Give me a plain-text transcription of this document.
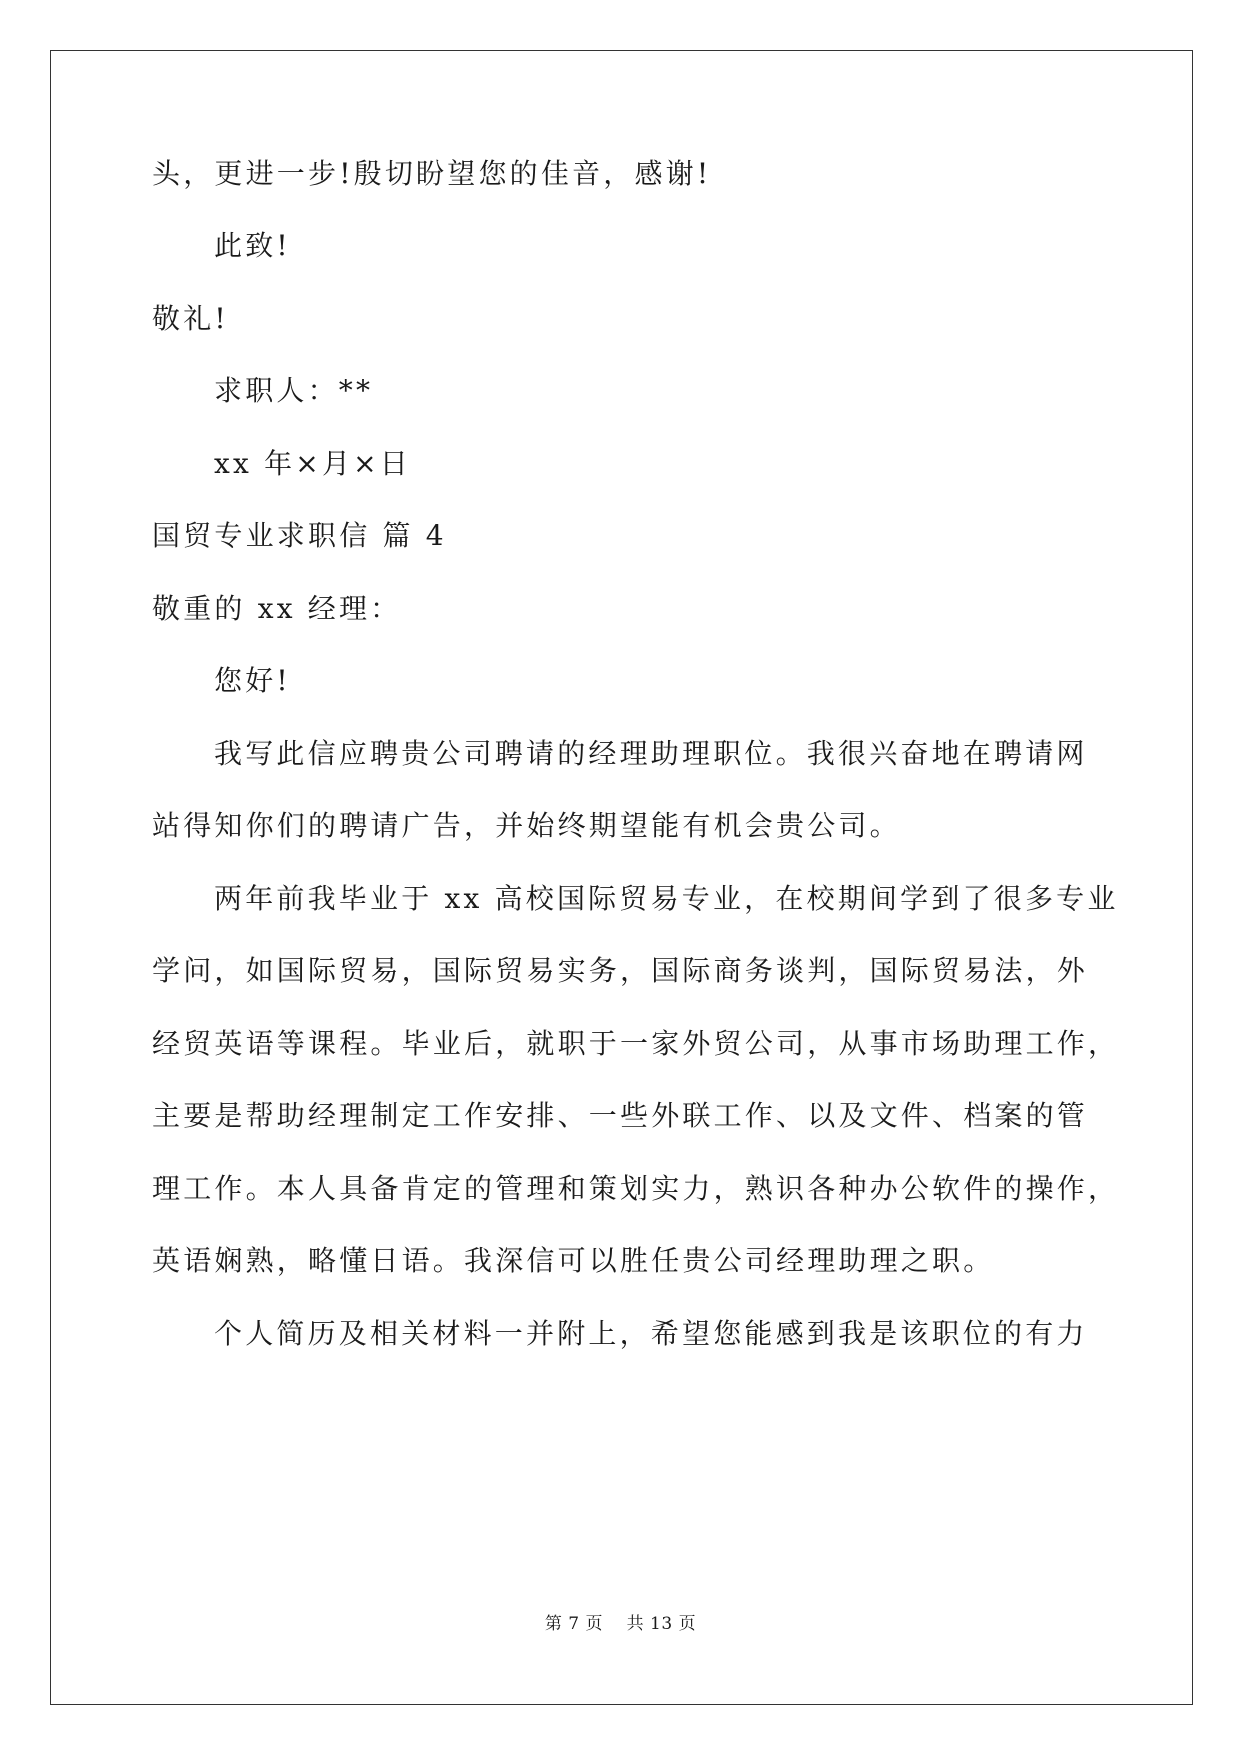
头，更进一步!殷切盼望您的佳音，感谢!
此致!
敬礼!
求职人：**
xx 年×月×日
国贸专业求职信 篇 4
敬重的 xx 经理：
您好!
我写此信应聘贵公司聘请的经理助理职位。我很兴奋地在聘请网
站得知你们的聘请广告，并始终期望能有机会贵公司。
两年前我毕业于 xx 高校国际贸易专业，在校期间学到了很多专业
学问，如国际贸易，国际贸易实务，国际商务谈判，国际贸易法，外
经贸英语等课程。毕业后，就职于一家外贸公司，从事市场助理工作，
主要是帮助经理制定工作安排、一些外联工作、以及文件、档案的管
理工作。本人具备肯定的管理和策划实力，熟识各种办公软件的操作，
英语娴熟，略懂日语。我深信可以胜任贵公司经理助理之职。
个人简历及相关材料一并附上，希望您能感到我是该职位的有力
第 7 页    共 13 页
